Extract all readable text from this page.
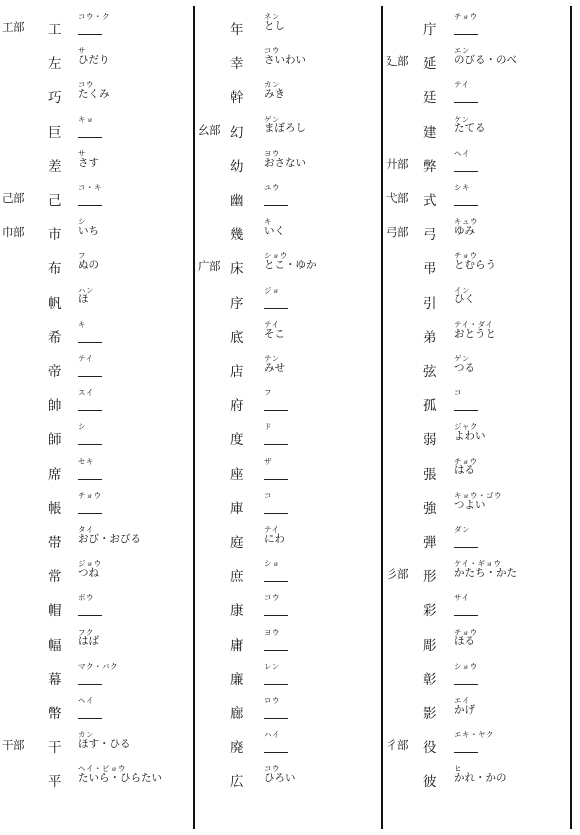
工部 工
コウ・ク
左
サ
ひだり
巧
コウ
たくみ
巨
キョ
差
サ
さす
己部 己
コ・キ
巾部 市
シ
いち
布
フ
ぬの
帆
ハン
ほ
希
キ
帝
テイ
帥
スイ
師
シ
席
セキ
帳
チョウ
帯
タイ
おび・おびる
常
ジョウ
つね
帽
ボウ
幅
フク
はば
幕
マク・バク
幣
ヘイ
干部 干
カン
ほす・ひる
平
ヘイ・ビョウ
たいら・ひらたい
年
ネン
とし
幸
コウ
さいわい
幹
カン
みき
幺部 幻
ゲン
まぼろし
幼
ヨウ
おさない
幽
ユウ
幾
キ
いく
广部 床
ショウ
とこ・ゆか
序
ジョ
底
テイ
そこ
店
テン
みせ
府
フ
度
ド
座
ザ
庫
コ
庭
テイ
にわ
庶
ショ
康
コウ
庸
ヨウ
廉
レン
廊
ロウ
廃
ハイ
広
コウ
ひろい
庁
チョウ
廴部 延
エン
のびる・のべ
廷
テイ
建
ケン
たてる
廾部 弊
ヘイ
弋部 式
シキ
弓部 弓
キュウ
ゆみ
弔
チョウ
とむらう
引
イン
ひく
弟
テイ・ダイ
おとうと
弦
ゲン
つる
孤
コ
弱
ジャク
よわい
張
チョウ
はる
強
キョウ・ゴウ
つよい
弾
ダン
彡部 形
ケイ・ギョウ
かたち・かた
彩
サイ
彫
チョウ
ほる
彰
ショウ
影
エイ
かげ
彳部 役
エキ・ヤク
彼
ヒ
かれ・かの
